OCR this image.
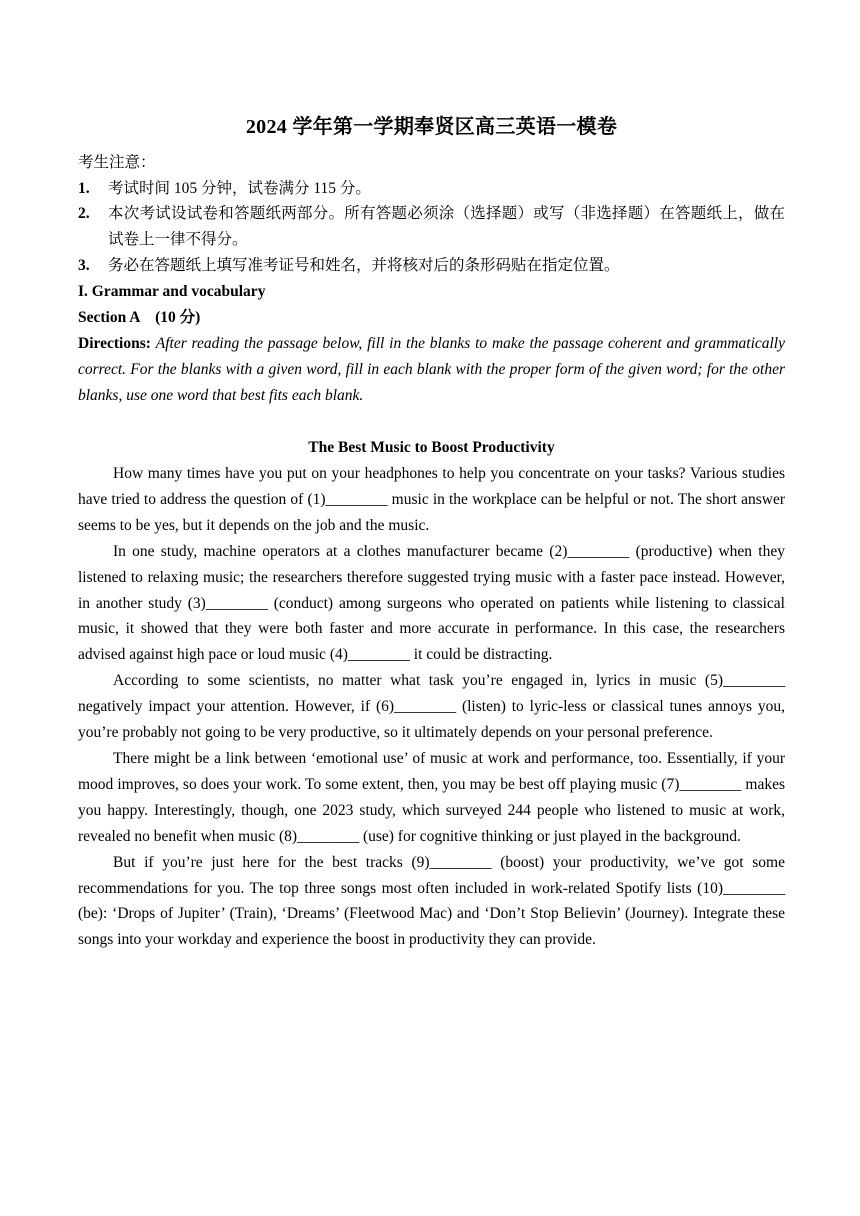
2024 学年第一学期奉贤区高三英语一模卷
考生注意：
1. 考试时间 105 分钟，试卷满分 115 分。
2. 本次考试设试卷和答题纸两部分。所有答题必须涂（选择题）或写（非选择题）在答题纸上，做在试卷上一律不得分。
3. 务必在答题纸上填写准考证号和姓名，并将核对后的条形码贴在指定位置。
I. Grammar and vocabulary
Section A　(10 分)
Directions: After reading the passage below, fill in the blanks to make the passage coherent and grammatically correct. For the blanks with a given word, fill in each blank with the proper form of the given word; for the other blanks, use one word that best fits each blank.
The Best Music to Boost Productivity

How many times have you put on your headphones to help you concentrate on your tasks? Various studies have tried to address the question of (1)________ music in the workplace can be helpful or not. The short answer seems to be yes, but it depends on the job and the music.

In one study, machine operators at a clothes manufacturer became (2)________ (productive) when they listened to relaxing music; the researchers therefore suggested trying music with a faster pace instead. However, in another study (3)________ (conduct) among surgeons who operated on patients while listening to classical music, it showed that they were both faster and more accurate in performance. In this case, the researchers advised against high pace or loud music (4)________ it could be distracting.

According to some scientists, no matter what task you’re engaged in, lyrics in music (5)________ negatively impact your attention. However, if (6)________ (listen) to lyric-less or classical tunes annoys you, you’re probably not going to be very productive, so it ultimately depends on your personal preference.

There might be a link between ‘emotional use’ of music at work and performance, too. Essentially, if your mood improves, so does your work. To some extent, then, you may be best off playing music (7)________ makes you happy. Interestingly, though, one 2023 study, which surveyed 244 people who listened to music at work, revealed no benefit when music (8)________ (use) for cognitive thinking or just played in the background.

But if you’re just here for the best tracks (9)________ (boost) your productivity, we’ve got some recommendations for you. The top three songs most often included in work-related Spotify lists (10)________ (be): ‘Drops of Jupiter’ (Train), ‘Dreams’ (Fleetwood Mac) and ‘Don’t Stop Believin’ (Journey). Integrate these songs into your workday and experience the boost in productivity they can provide.
